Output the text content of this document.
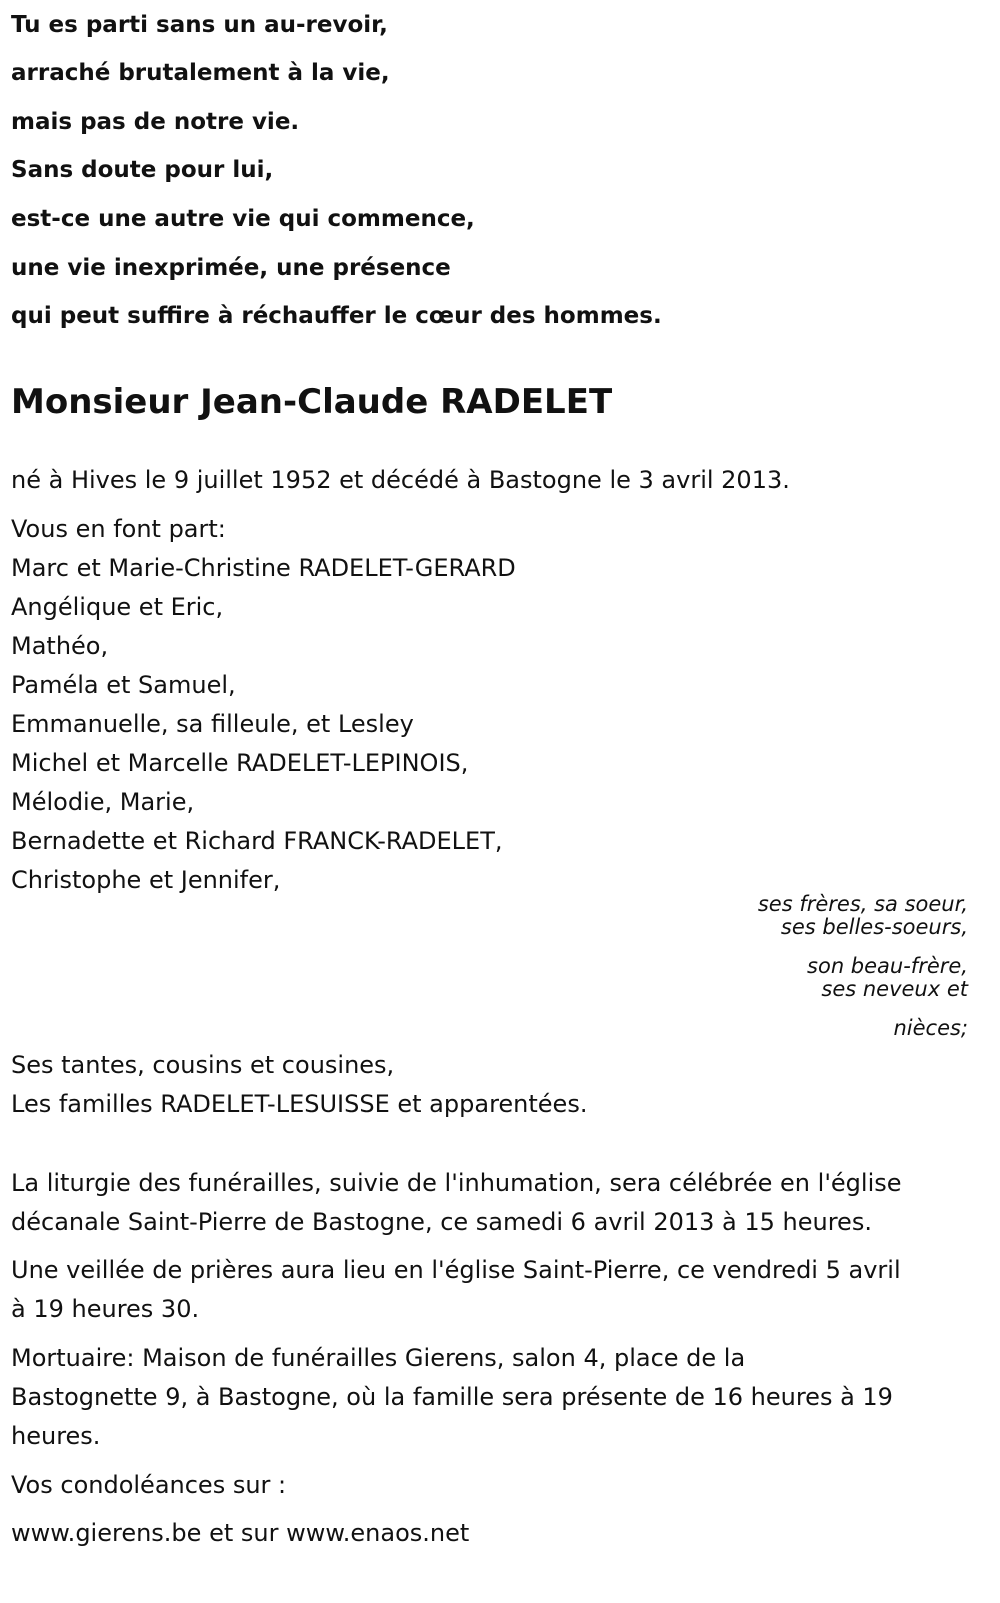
Tu es parti sans un au-revoir,
arraché brutalement à la vie,
mais pas de notre vie.
Sans doute pour lui,
est-ce une autre vie qui commence,
une vie inexprimée, une présence
qui peut suffire à réchauffer le cœur des hommes.
Monsieur Jean-Claude RADELET
né à Hives le 9 juillet 1952 et décédé à Bastogne le 3 avril 2013.
Vous en font part:
Marc et Marie-Christine RADELET-GERARD
Angélique et Eric,
Mathéo,
Paméla et Samuel,
Emmanuelle, sa filleule, et Lesley
Michel et Marcelle RADELET-LEPINOIS,
Mélodie, Marie,
Bernadette et Richard FRANCK-RADELET,
Christophe et Jennifer,
ses frères, sa soeur,
ses belles-soeurs,
son beau-frère,
ses neveux et
nièces;
Ses tantes, cousins et cousines,
Les familles RADELET-LESUISSE et apparentées.
La liturgie des funérailles, suivie de l'inhumation, sera célébrée en l'église
décanale Saint-Pierre de Bastogne, ce samedi 6 avril 2013 à 15 heures.
Une veillée de prières aura lieu en l'église Saint-Pierre, ce vendredi 5 avril
à 19 heures 30.
Mortuaire: Maison de funérailles Gierens, salon 4, place de la
Bastognette 9, à Bastogne, où la famille sera présente de 16 heures à 19
heures.
Vos condoléances sur :
www.gierens.be et sur www.enaos.net
